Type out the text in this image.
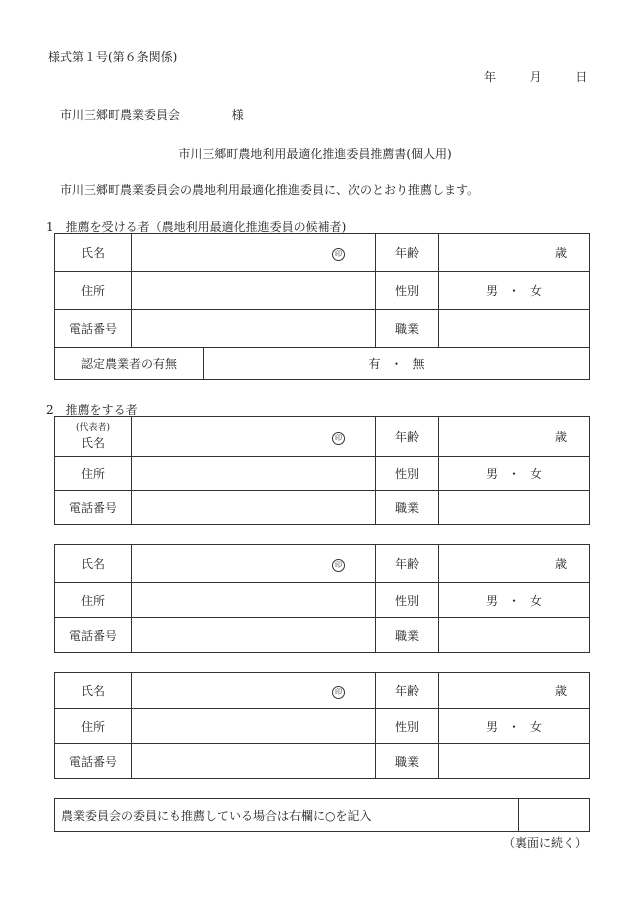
様式第１号(第６条関係)
年	月	日
市川三郷町農業委員会	様
市川三郷町農地利用最適化推進委員推薦書(個人用)
市川三郷町農業委員会の農地利用最適化推進委員に、次のとおり推薦します。
1　推薦を受ける者（農地利用最適化推進委員の候補者)
氏名	印		年齢	歳
住所			性別	男 ・ 女
電話番号			職業	
認定農業者の有無		有 ・ 無		
2　推薦をする者
(代表者)
氏名	印	年齢	歳
住所		性別	男 ・ 女
電話番号		職業	
氏名	印	年齢	歳
住所		性別	男 ・ 女
電話番号		職業	
氏名	印	年齢	歳
住所		性別	男 ・ 女
電話番号		職業	
農業委員会の委員にも推薦している場合は右欄に○を記入	
（裏面に続く）
